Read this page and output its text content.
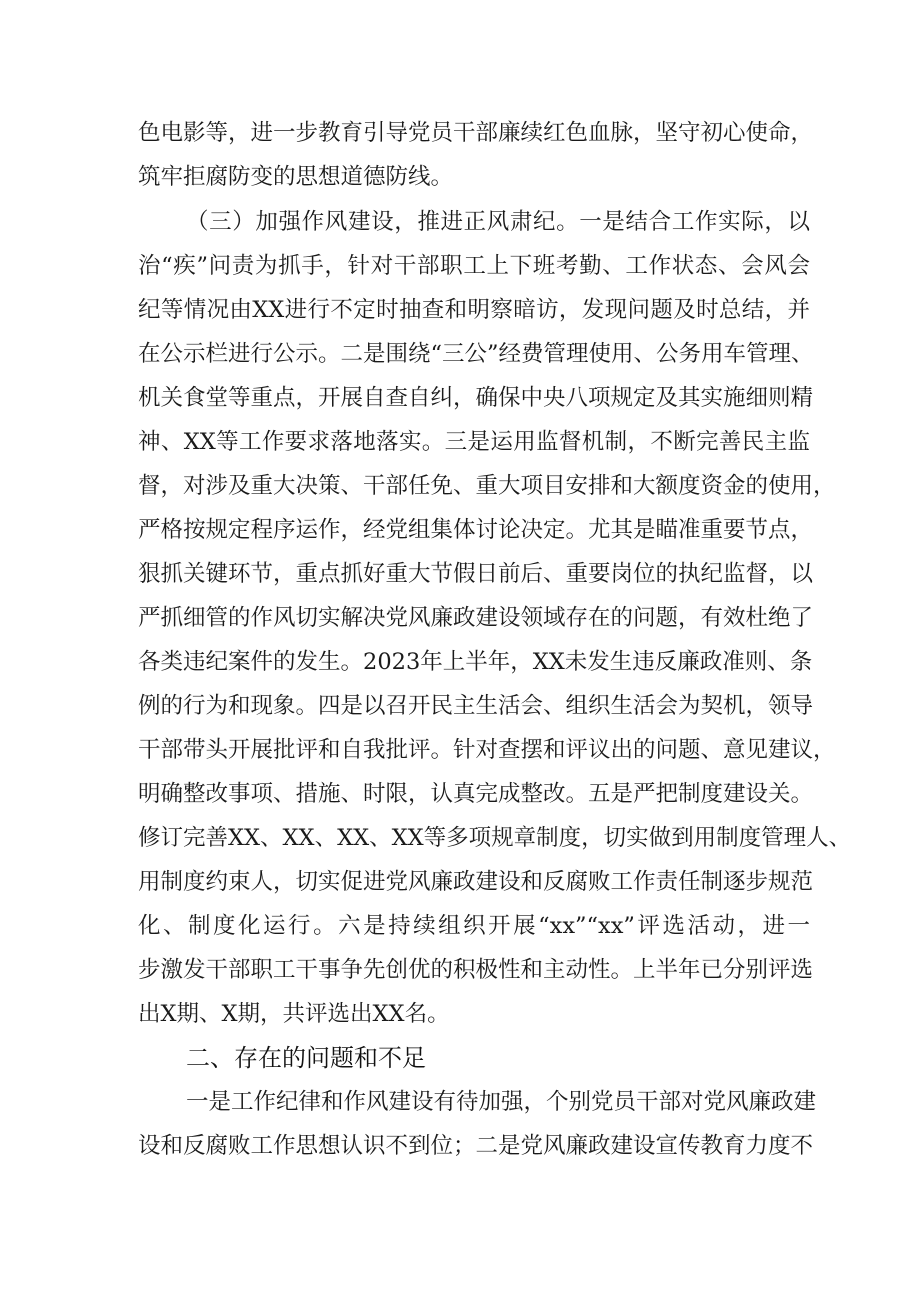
色电影等，进一步教育引导党员干部廉续红色血脉，坚守初心使命，
筑牢拒腐防变的思想道德防线。
（三）加强作风建设，推进正风肃纪。一是结合工作实际，以
治“疾”问责为抓手，针对干部职工上下班考勤、工作状态、会风会
纪等情况由XX进行不定时抽查和明察暗访，发现问题及时总结，并
在公示栏进行公示。二是围绕“三公”经费管理使用、公务用车管理、
机关食堂等重点，开展自查自纠，确保中央八项规定及其实施细则精
神、XX等工作要求落地落实。三是运用监督机制，不断完善民主监
督，对涉及重大决策、干部任免、重大项目安排和大额度资金的使用，
严格按规定程序运作，经党组集体讨论决定。尤其是瞄准重要节点，
狠抓关键环节，重点抓好重大节假日前后、重要岗位的执纪监督，以
严抓细管的作风切实解决党风廉政建设领域存在的问题，有效杜绝了
各类违纪案件的发生。2023年上半年，XX未发生违反廉政准则、条
例的行为和现象。四是以召开民主生活会、组织生活会为契机，领导
干部带头开展批评和自我批评。针对查摆和评议出的问题、意见建议，
明确整改事项、措施、时限，认真完成整改。五是严把制度建设关。
修订完善XX、XX、XX、XX等多项规章制度，切实做到用制度管理人、
用制度约束人，切实促进党风廉政建设和反腐败工作责任制逐步规范
化、制度化运行。六是持续组织开展“xx”“xx”评选活动，进一
步激发干部职工干事争先创优的积极性和主动性。上半年已分别评选
出X期、X期，共评选出XX名。
二、存在的问题和不足
一是工作纪律和作风建设有待加强，个别党员干部对党风廉政建
设和反腐败工作思想认识不到位；二是党风廉政建设宣传教育力度不
